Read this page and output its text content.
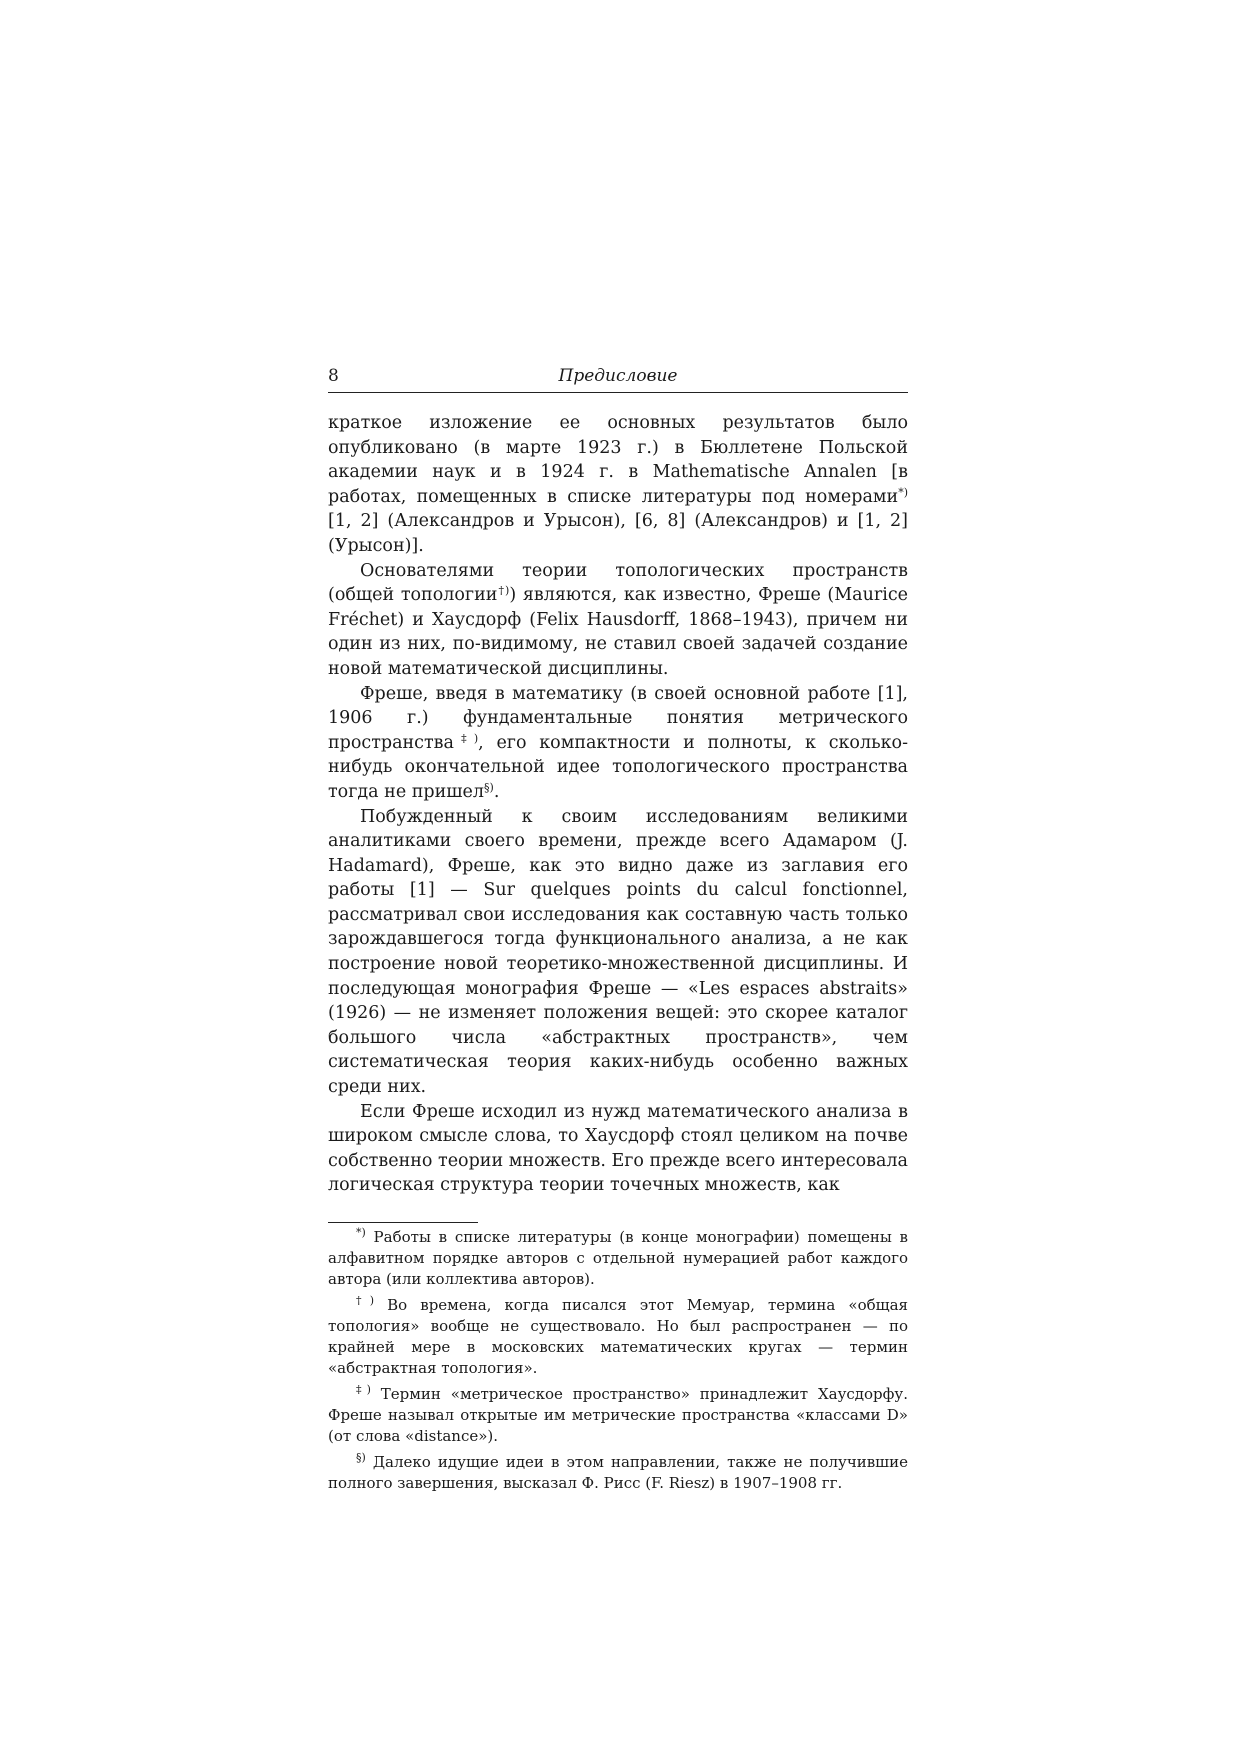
8	Предисловие

краткое изложение ее основных результатов было опубликовано (в марте 1923 г.) в Бюллетене Польской академии наук и в 1924 г. в Mathematische Annalen [в работах, помещенных в списке литературы под номерами*) [1, 2] (Александров и Урысон), [6, 8] (Александров) и [1, 2] (Урысон)].

Основателями теории топологических пространств (общей топологии†)) являются, как известно, Фреше (Maurice Fréchet) и Хаусдорф (Felix Hausdorff, 1868–1943), причем ни один из них, по-видимому, не ставил своей задачей создание новой математической дисциплины.

Фреше, введя в математику (в своей основной работе [1], 1906 г.) фундаментальные понятия метрического пространства‡), его компактности и полноты, к сколько-нибудь окончательной идее топологического пространства тогда не пришел§).

Побужденный к своим исследованиям великими аналитиками своего времени, прежде всего Адамаром (J. Hadamard), Фреше, как это видно даже из заглавия его работы [1] — Sur quelques points du calcul fonctionnel, рассматривал свои исследования как составную часть только зарождавшегося тогда функционального анализа, а не как построение новой теоретико-множественной дисциплины. И последующая монография Фреше — «Les espaces abstraits» (1926) — не изменяет положения вещей: это скорее каталог большого числа «абстрактных пространств», чем систематическая теория каких-нибудь особенно важных среди них.

Если Фреше исходил из нужд математического анализа в широком смысле слова, то Хаусдорф стоял целиком на почве собственно теории множеств. Его прежде всего интересовала логическая структура теории точечных множеств, как

*) Работы в списке литературы (в конце монографии) помещены в алфавитном порядке авторов с отдельной нумерацией работ каждого автора (или коллектива авторов).

†) Во времена, когда писался этот Мемуар, термина «общая топология» вообще не существовало. Но был распространен — по крайней мере в московских математических кругах — термин «абстрактная топология».

‡) Термин «метрическое пространство» принадлежит Хаусдорфу. Фреше называл открытые им метрические пространства «классами D» (от слова «distance»).

§) Далеко идущие идеи в этом направлении, также не получившие полного завершения, высказал Ф. Рисс (F. Riesz) в 1907–1908 гг.
